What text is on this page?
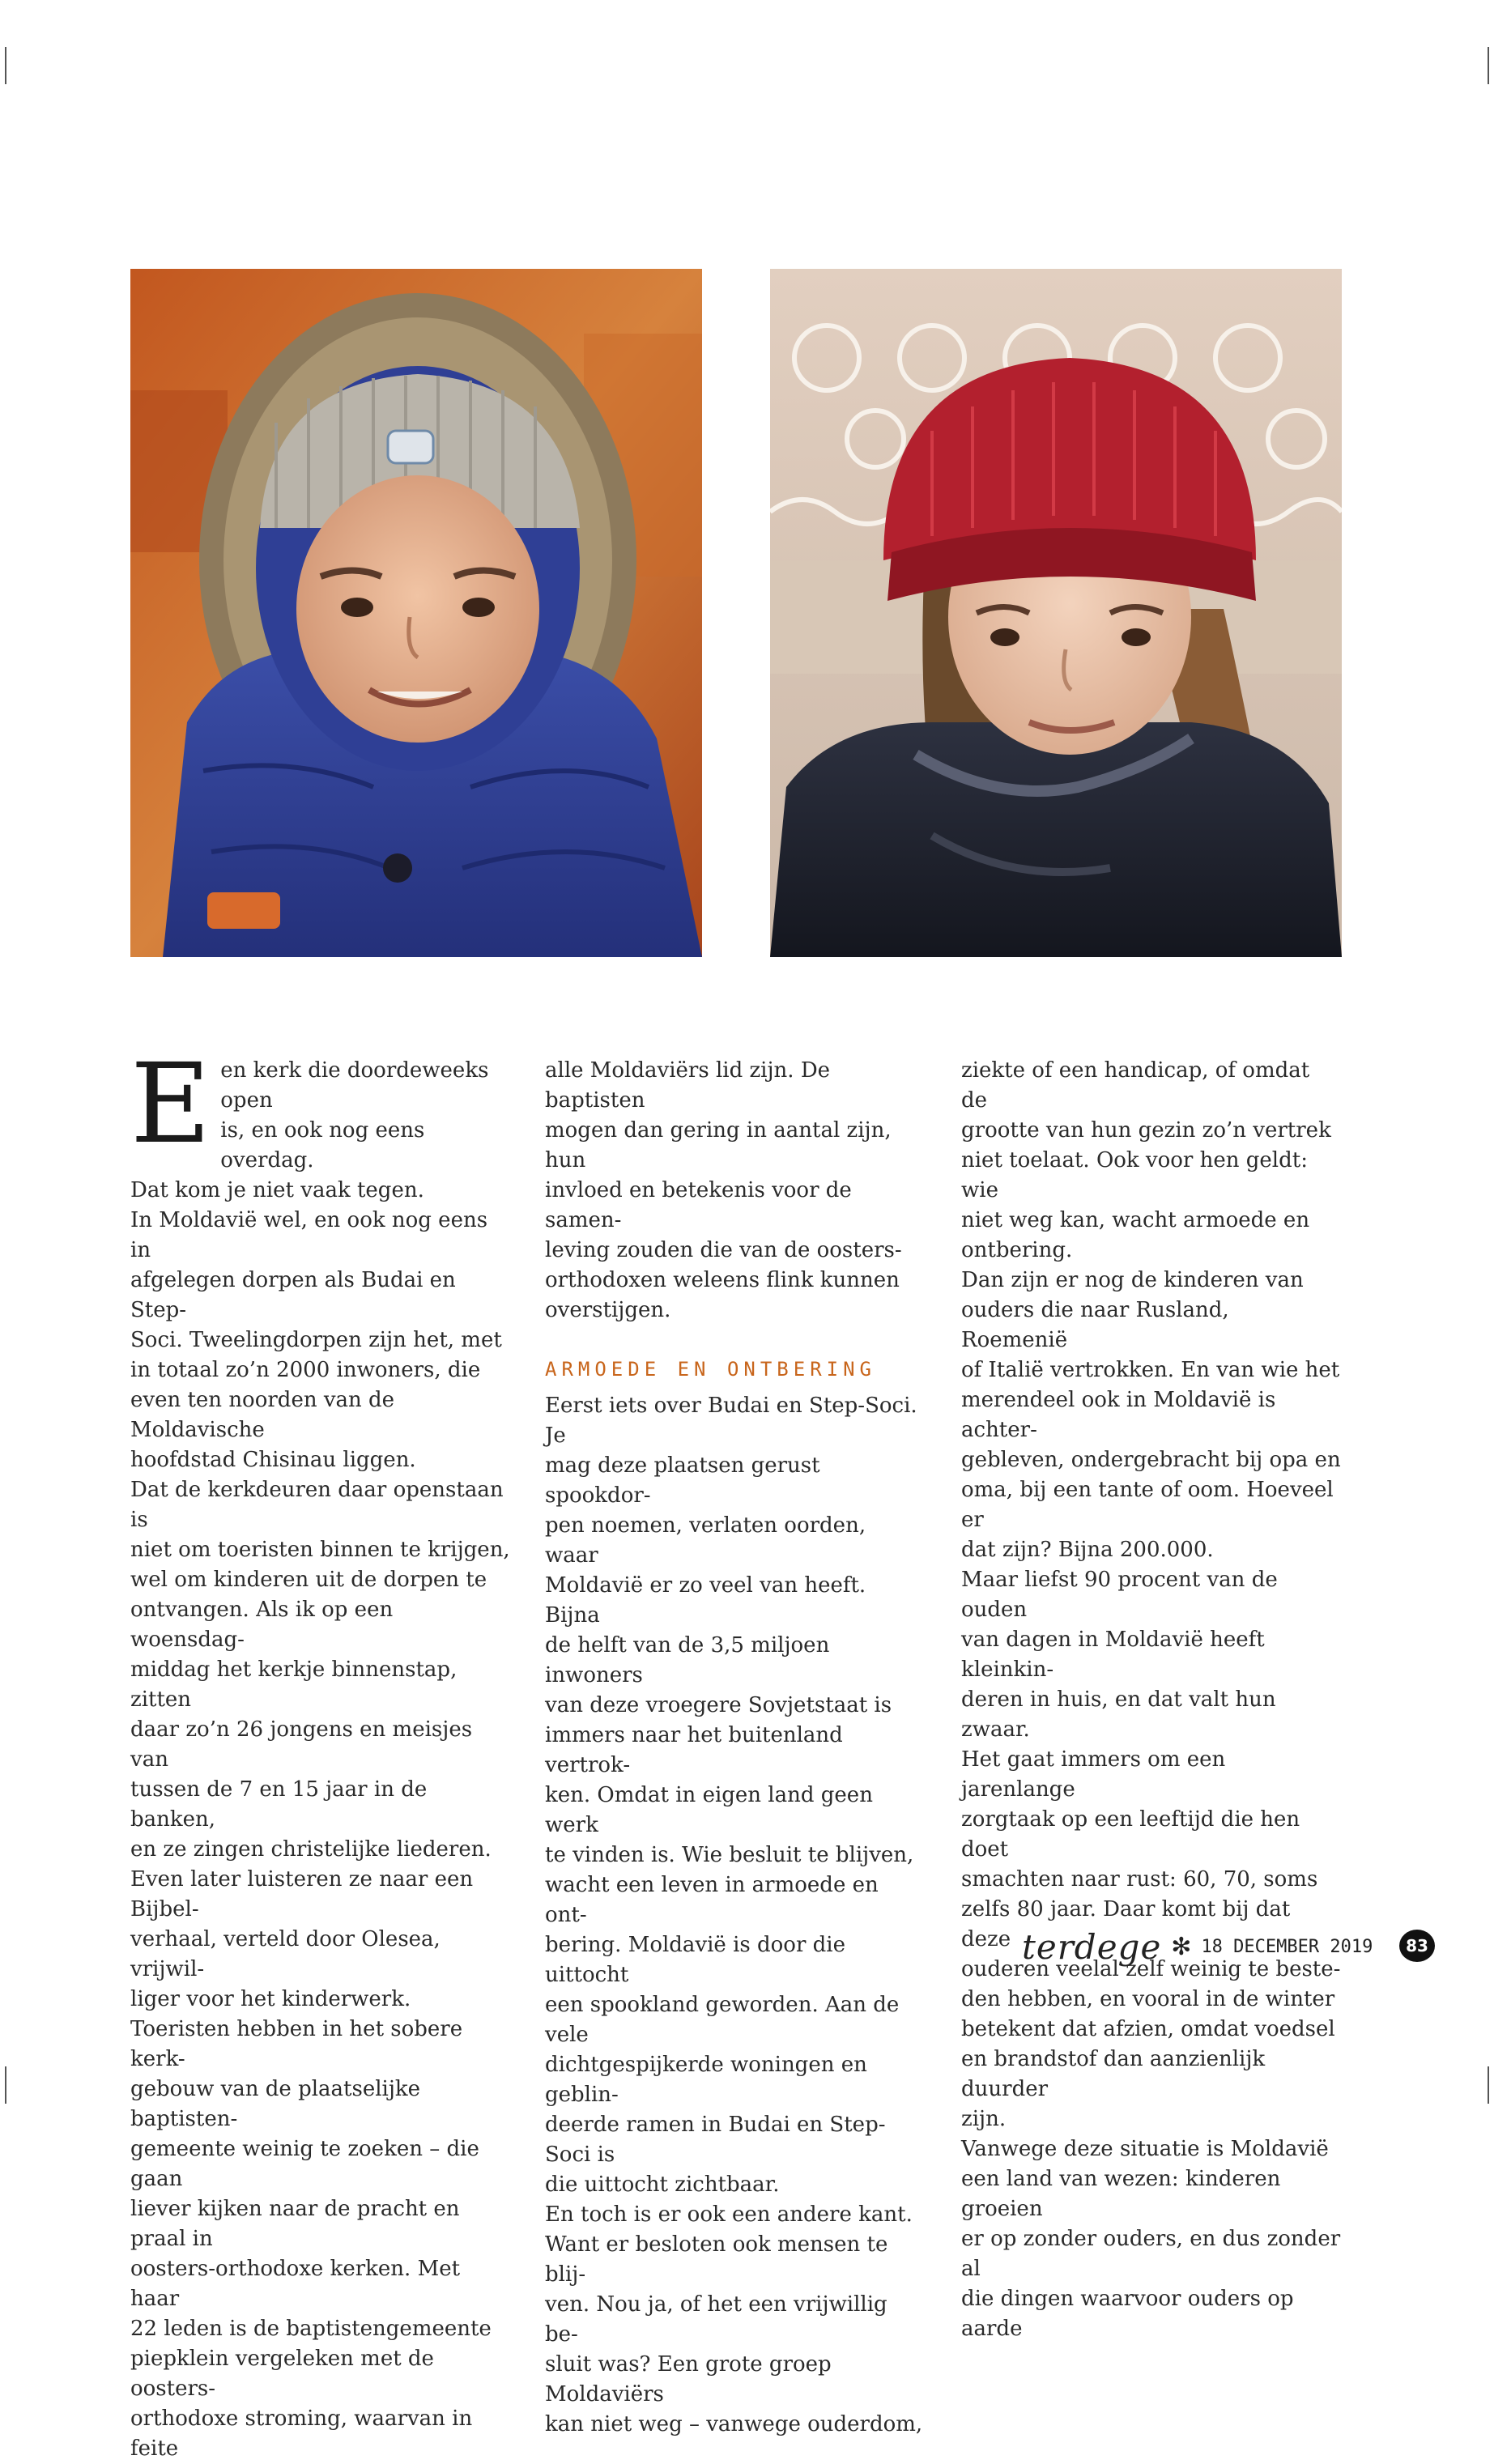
E en kerk die doordeweeks open

is, en ook nog eens overdag.

Dat kom je niet vaak tegen.

In Moldavië wel, en ook nog eens in

afgelegen dorpen als Budai en Step-

Soci. Tweelingdorpen zijn het, met

in totaal zo’n 2000 inwoners, die

even ten noorden van de Moldavische

hoofdstad Chisinau liggen.

Dat de kerkdeuren daar openstaan is

niet om toeristen binnen te krijgen,

wel om kinderen uit de dorpen te

ontvangen. Als ik op een woensdag-

middag het kerkje binnenstap, zitten

daar zo’n 26 jongens en meisjes van

tussen de 7 en 15 jaar in de banken,

en ze zingen christelijke liederen.

Even later luisteren ze naar een Bijbel-

verhaal, verteld door Olesea, vrijwil-

liger voor het kinderwerk.

Toeristen hebben in het sobere kerk-

gebouw van de plaatselijke baptisten-

gemeente weinig te zoeken – die gaan

liever kijken naar de pracht en praal in

oosters-orthodoxe kerken. Met haar

22 leden is de baptistengemeente

piepklein vergeleken met de oosters-

orthodoxe stroming, waarvan in feite

alle Moldaviërs lid zijn. De baptisten

mogen dan gering in aantal zijn, hun

invloed en betekenis voor de samen-

leving zouden die van de oosters-

orthodoxen weleens flink kunnen

overstijgen.

ARMOEDE EN ONTBERING

Eerst iets over Budai en Step-Soci. Je

mag deze plaatsen gerust spookdor-

pen noemen, verlaten oorden, waar

Moldavië er zo veel van heeft. Bijna

de helft van de 3,5 miljoen inwoners

van deze vroegere Sovjetstaat is

immers naar het buitenland vertrok-

ken. Omdat in eigen land geen werk

te vinden is. Wie besluit te blijven,

wacht een leven in armoede en ont-

bering. Moldavië is door die uittocht

een spookland geworden. Aan de vele

dichtgespijkerde woningen en geblin-

deerde ramen in Budai en Step-Soci is

die uittocht zichtbaar.

En toch is er ook een andere kant.

Want er besloten ook mensen te blij-

ven. Nou ja, of het een vrijwillig be-

sluit was? Een grote groep Moldaviërs

kan niet weg – vanwege ouderdom,

ziekte of een handicap, of omdat de

grootte van hun gezin zo’n vertrek

niet toelaat. Ook voor hen geldt: wie

niet weg kan, wacht armoede en

ontbering.

Dan zijn er nog de kinderen van

ouders die naar Rusland, Roemenië

of Italië vertrokken. En van wie het

merendeel ook in Moldavië is achter-

gebleven, ondergebracht bij opa en

oma, bij een tante of oom. Hoeveel er

dat zijn? Bijna 200.000.

Maar liefst 90 procent van de ouden

van dagen in Moldavië heeft kleinkin-

deren in huis, en dat valt hun zwaar.

Het gaat immers om een jarenlange

zorgtaak op een leeftijd die hen doet

smachten naar rust: 60, 70, soms

zelfs 80 jaar. Daar komt bij dat deze

ouderen veelal zelf weinig te beste-

den hebben, en vooral in de winter

betekent dat afzien, omdat voedsel

en brandstof dan aanzienlijk duurder

zijn.

Vanwege deze situatie is Moldavië

een land van wezen: kinderen groeien

er op zonder ouders, en dus zonder al

die dingen waarvoor ouders op aarde

terdege ✻ 18 DECEMBER 2019	83
